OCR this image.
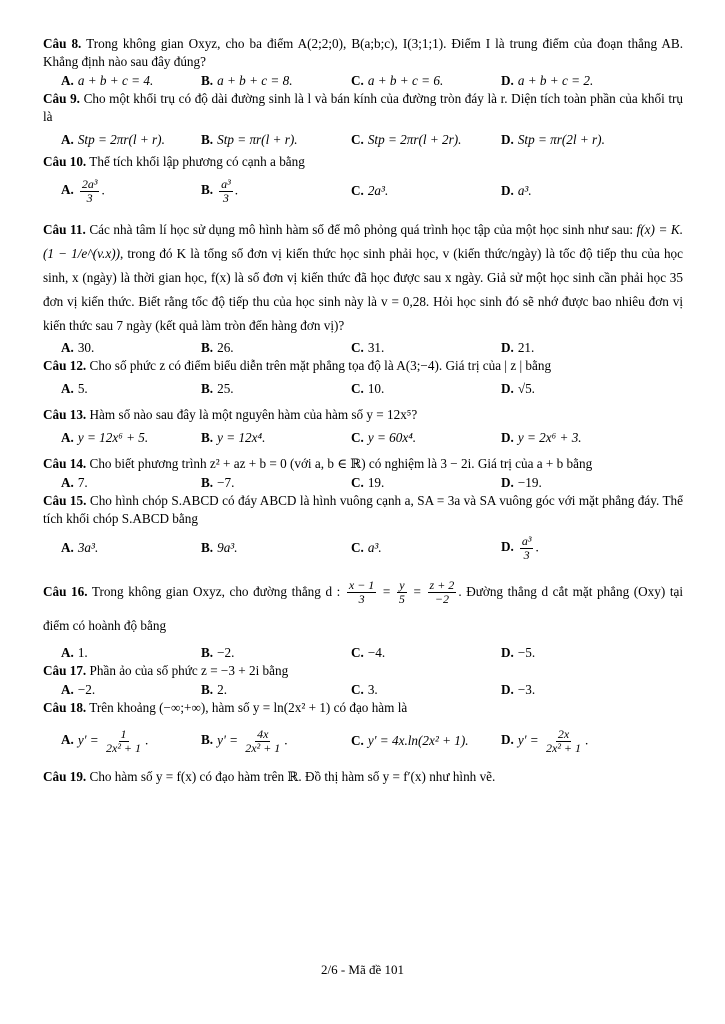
Câu 8. Trong không gian Oxyz, cho ba điểm A(2;2;0), B(a;b;c), I(3;1;1). Điểm I là trung điểm của đoạn thẳng AB. Khẳng định nào sau đây đúng?
A. a + b + c = 4.	B. a + b + c = 8.	C. a + b + c = 6.	D. a + b + c = 2.
Câu 9. Cho một khối trụ có độ dài đường sinh là l và bán kính của đường tròn đáy là r. Diện tích toàn phần của khối trụ là
A. Stp = 2πr(l + r).	B. Stp = πr(l + r).	C. Stp = 2πr(l + 2r).	D. Stp = πr(2l + r).
Câu 10. Thể tích khối lập phương có cạnh a bằng
A. $\frac{\text{2a³}}{3}$ .	B. $\frac{\text{a³}}{3}$ .	C. 2a³.	D. a³.
Câu 11. Các nhà tâm lí học sử dụng mô hình hàm số để mô phỏng quá trình học tập của một học sinh như sau: f(x) = K.(1 − 1/e^(v.x)), trong đó K là tổng số đơn vị kiến thức học sinh phải học, v (kiến thức/ngày) là tốc độ tiếp thu của học sinh, x (ngày) là thời gian học, f(x) là số đơn vị kiến thức đã học được sau x ngày. Giả sử một học sinh cần phải học 35 đơn vị kiến thức. Biết rằng tốc độ tiếp thu của học sinh này là v = 0,28. Hỏi học sinh đó sẽ nhớ được bao nhiêu đơn vị kiến thức sau 7 ngày (kết quả làm tròn đến hàng đơn vị)?
A. 30.	B. 26.	C. 31.	D. 21.
Câu 12. Cho số phức z có điểm biểu diễn trên mặt phẳng tọa độ là A(3;−4). Giá trị của | z | bằng
A. 5.	B. 25.	C. 10.	D. √5.
Câu 13. Hàm số nào sau đây là một nguyên hàm của hàm số y = 12x⁵?
A. y = 12x⁶ + 5.	B. y = 12x⁴.	C. y = 60x⁴.	D. y = 2x⁶ + 3.
Câu 14. Cho biết phương trình z² + az + b = 0 (với a, b ∈ ℝ) có nghiệm là 3 − 2i. Giá trị của a + b bằng
A. 7.	B. −7.	C. 19.	D. −19.
Câu 15. Cho hình chóp S.ABCD có đáy ABCD là hình vuông cạnh a, SA = 3a và SA vuông góc với mặt phẳng đáy. Thể tích khối chóp S.ABCD bằng
A. 3a³.	B. 9a³.	C. a³.	D. $\frac{\text{a³}}{3}$ .
Câu 16. Trong không gian Oxyz, cho đường thẳng d : $\frac{x - 1}{3} = \frac{y}{5} = \frac{z + 2}{-2}$ . Đường thẳng d cắt mặt phẳng (Oxy) tại điểm có hoành độ bằng
A. 1.	B. −2.	C. −4.	D. −5.
Câu 17. Phần ảo của số phức z = −3 + 2i bằng
A. −2.	B. 2.	C. 3.	D. −3.
Câu 18. Trên khoảng (−∞;+∞), hàm số y = ln(2x² + 1) có đạo hàm là
A. $y' = \frac{1}{\text{2x² + 1}}$ .	B. $y' = \frac{4x}{\text{2x² + 1}}$ .	C. y' = 4x.ln(2x² + 1).	D. $y' = \frac{2x}{\text{2x² + 1}}$ .
Câu 19. Cho hàm số y = f(x) có đạo hàm trên ℝ. Đồ thị hàm số y = f′(x) như hình vẽ.
2/6 - Mã đề 101
